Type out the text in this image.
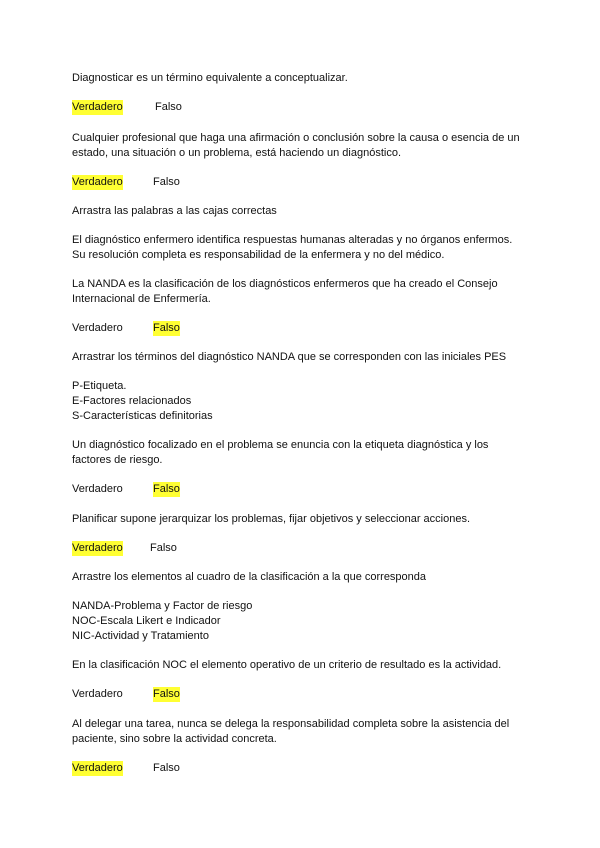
Diagnosticar es un término equivalente a conceptualizar.
Verdadero	Falso
Cualquier profesional que haga una afirmación o conclusión sobre la causa o esencia de un
estado, una situación o un problema, está haciendo un diagnóstico.
Verdadero	Falso
Arrastra las palabras a las cajas correctas
El diagnóstico enfermero identifica respuestas humanas alteradas y no órganos enfermos.
Su resolución completa es responsabilidad de la enfermera y no del médico.
La NANDA es la clasificación de los diagnósticos enfermeros que ha creado el Consejo
Internacional de Enfermería.
Verdadero	Falso
Arrastrar los términos del diagnóstico NANDA que se corresponden con las iniciales PES
P-Etiqueta.
E-Factores relacionados
S-Características definitorias
Un diagnóstico focalizado en el problema se enuncia con la etiqueta diagnóstica y los
factores de riesgo.
Verdadero	Falso
Planificar supone jerarquizar los problemas, fijar objetivos y seleccionar acciones.
Verdadero Falso
Arrastre los elementos al cuadro de la clasificación a la que corresponda
NANDA-Problema y Factor de riesgo
NOC-Escala Likert e Indicador
NIC-Actividad y Tratamiento
En la clasificación NOC el elemento operativo de un criterio de resultado es la actividad.
Verdadero	Falso
Al delegar una tarea, nunca se delega la responsabilidad completa sobre la asistencia del
paciente, sino sobre la actividad concreta.
Verdadero	Falso
